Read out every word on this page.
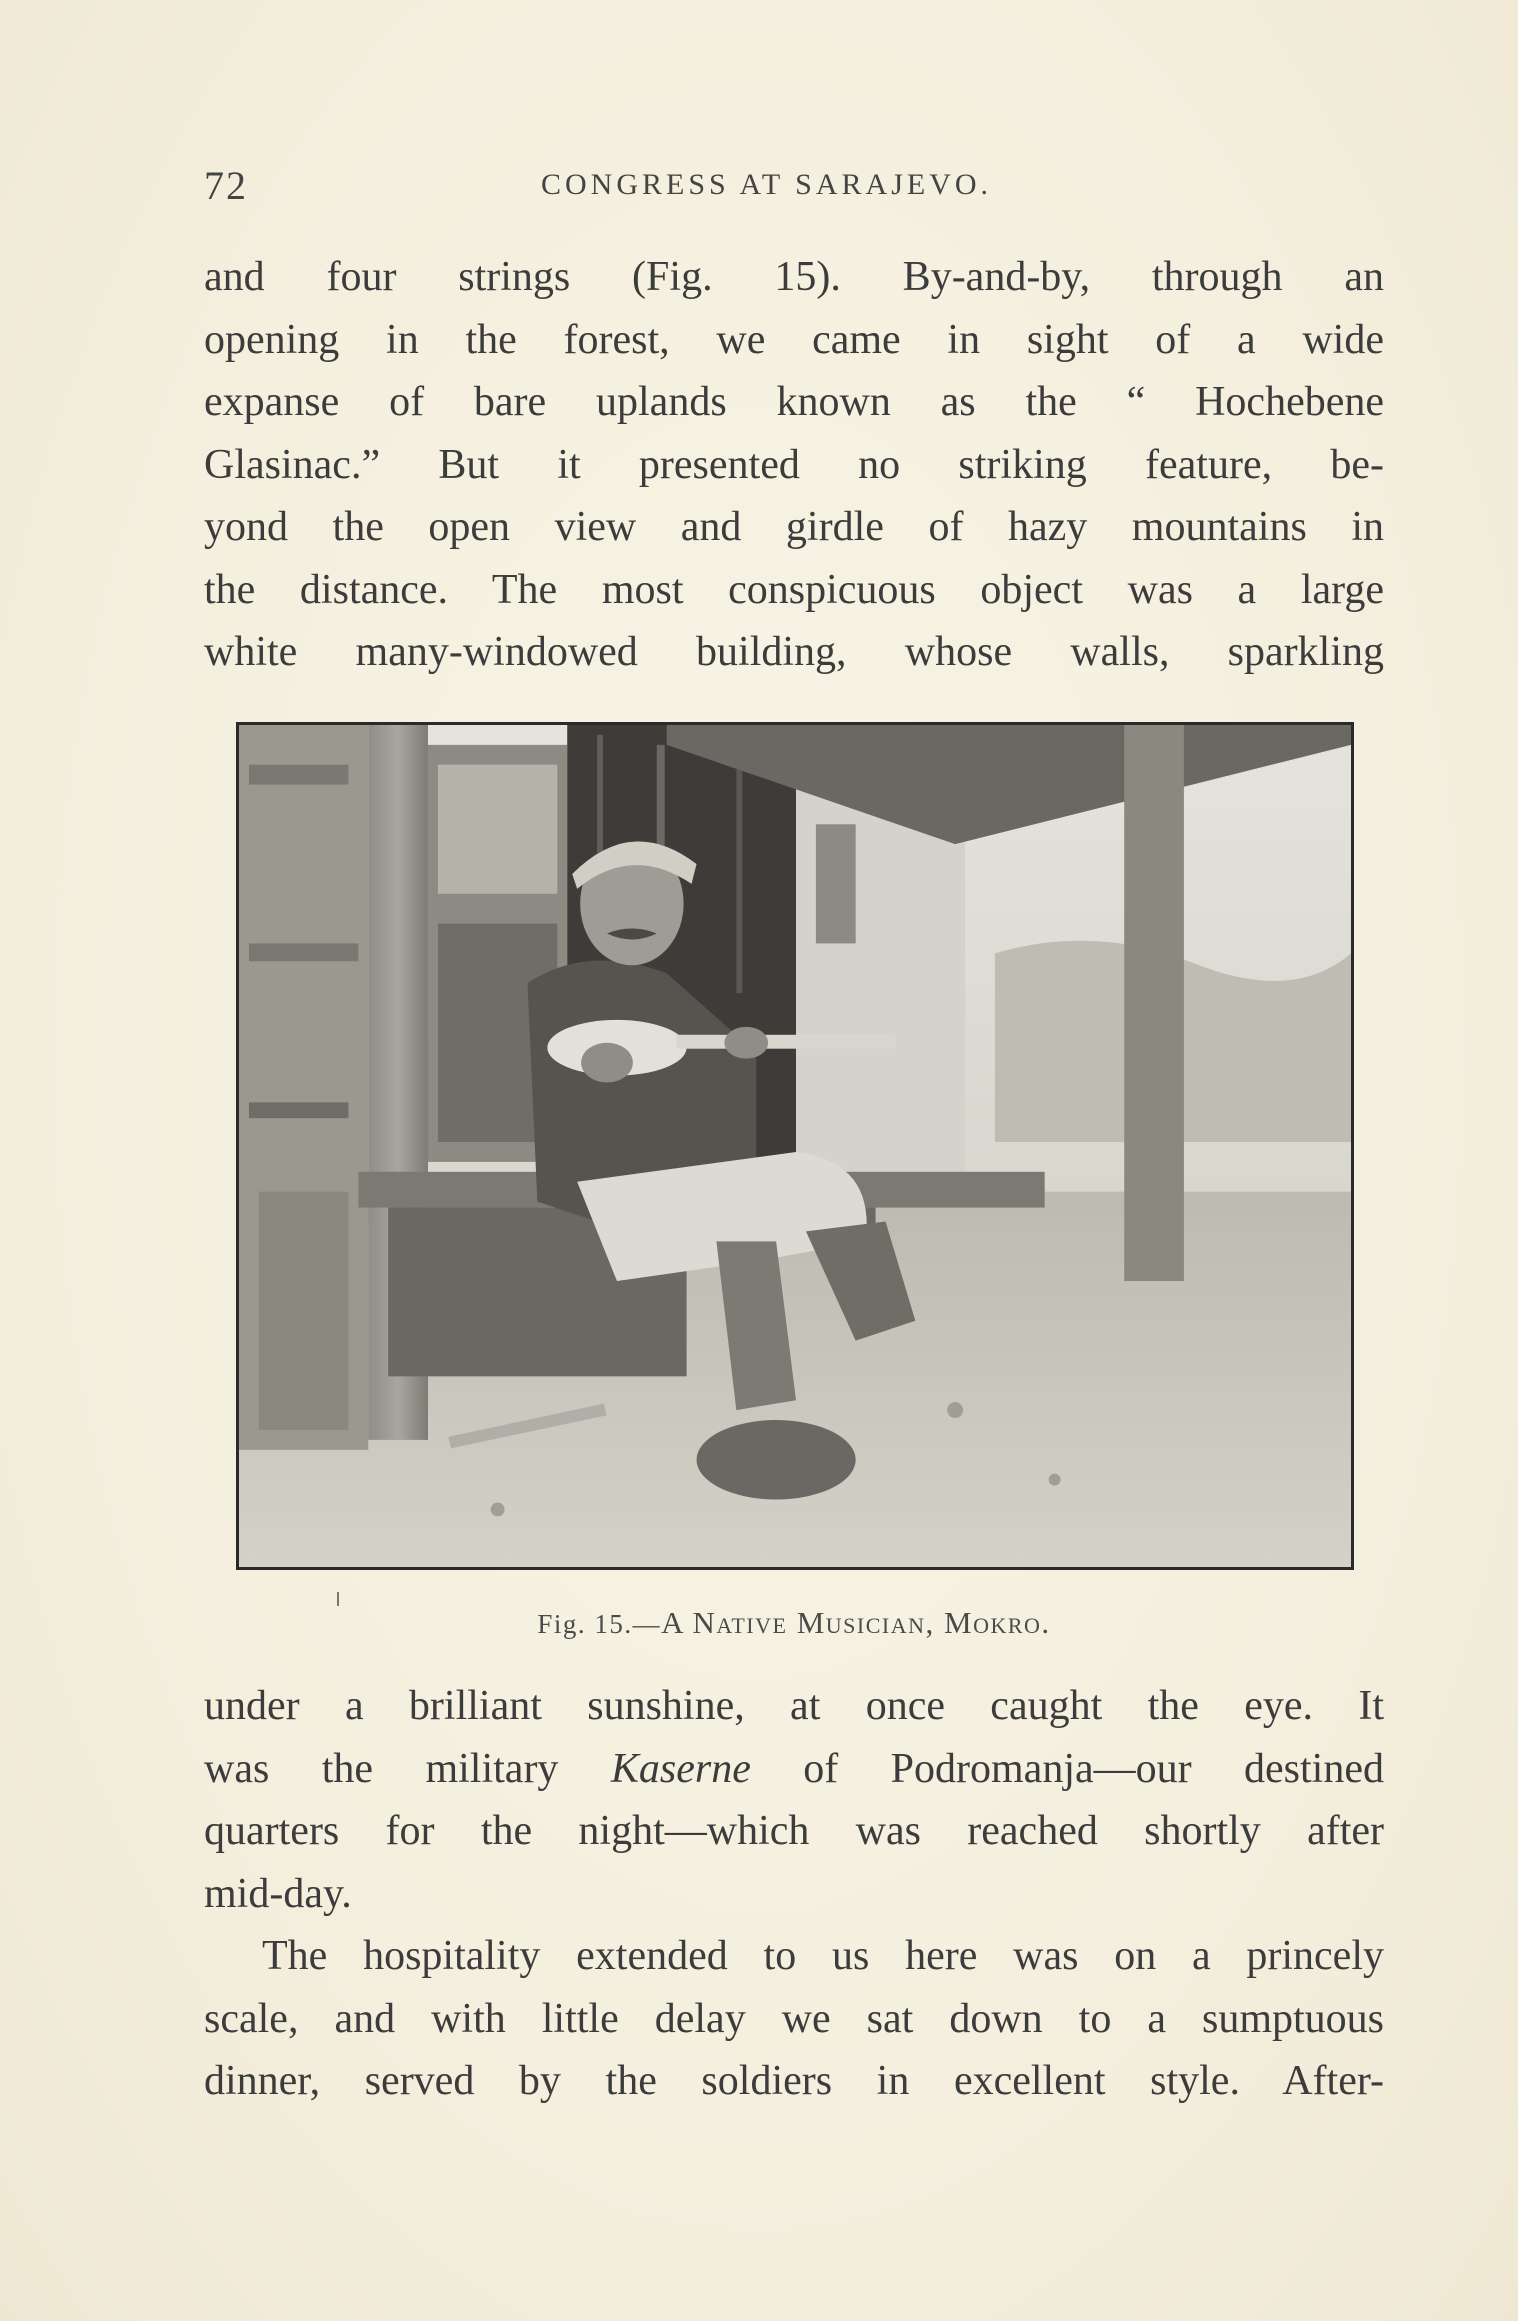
72	CONGRESS AT SARAJEVO.
and four strings (Fig. 15). By-and-by, through an
opening in the forest, we came in sight of a wide
expanse of bare uplands known as the “ Hochebene
Glasinac.” But it presented no striking feature, be-
yond the open view and girdle of hazy mountains in
the distance. The most conspicuous object was a large
white many-windowed building, whose walls, sparkling
Fig. 15.—A Native Musician, Mokro.
under a brilliant sunshine, at once caught the eye. It
was the military Kaserne of Podromanja—our destined
quarters for the night—which was reached shortly after
mid-day.
The hospitality extended to us here was on a princely
scale, and with little delay we sat down to a sumptuous
dinner, served by the soldiers in excellent style. After-
